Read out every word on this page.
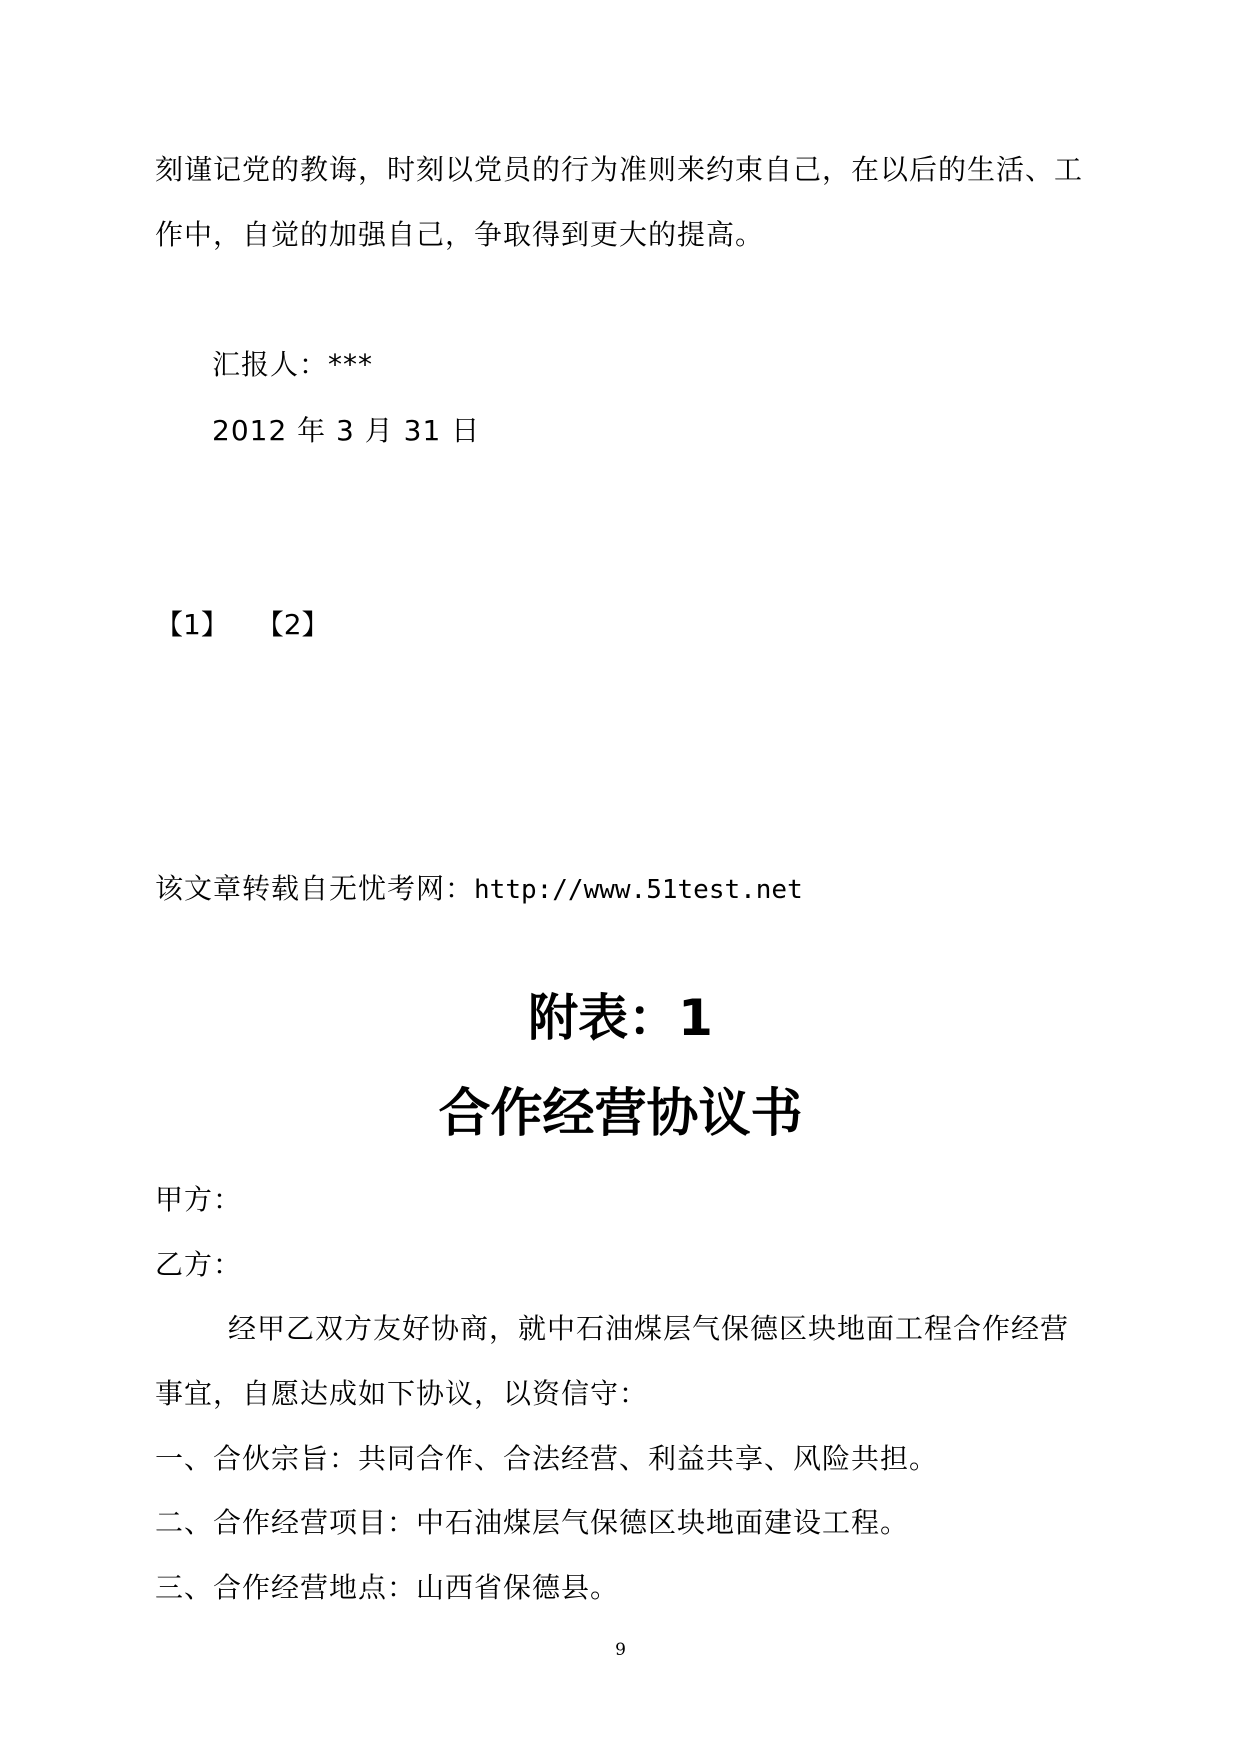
刻谨记党的教诲，时刻以党员的行为准则来约束自己，在以后的生活、工
作中，自觉的加强自己，争取得到更大的提高。
汇报人：***
2012 年 3 月 31 日
【1】 【2】
该文章转载自无忧考网：http://www.51test.net
附表：1
合作经营协议书
甲方：
乙方：
经甲乙双方友好协商，就中石油煤层气保德区块地面工程合作经营
事宜，自愿达成如下协议，以资信守：
一、合伙宗旨：共同合作、合法经营、利益共享、风险共担。
二、合作经营项目：中石油煤层气保德区块地面建设工程。
三、合作经营地点：山西省保德县。
9
